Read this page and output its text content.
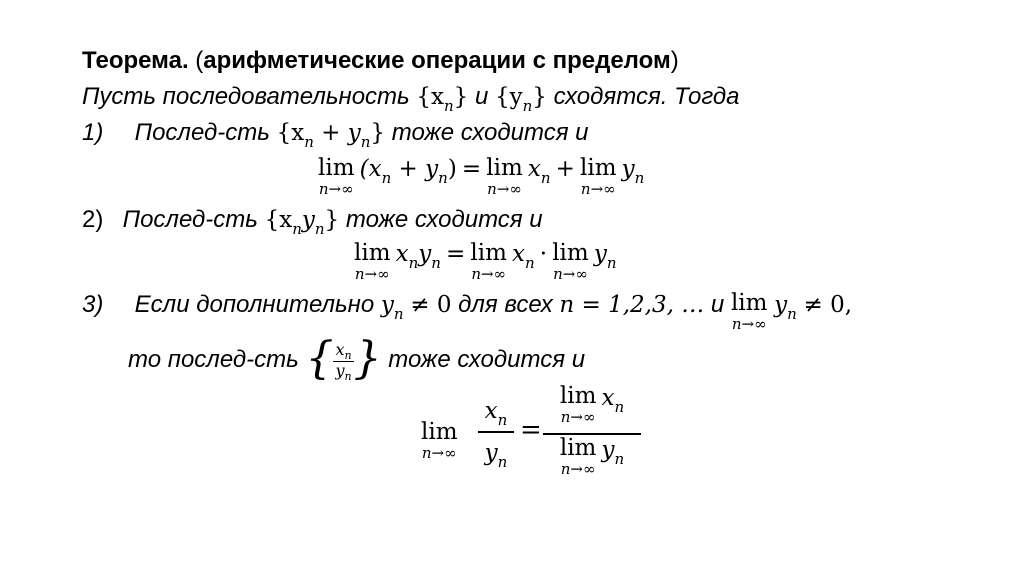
Теорема. (арифметические операции с пределом)
Пусть последовательность $\{x_n\}$ и $\{y_n\}$ сходятся. Тогда
1) Послед-сть $\{x_n + y_n\}$ тоже сходится и
lim
n→∞
$(x_n + y_n) = \lim$
n→∞
$x_n + \lim$
n→∞
$y_n$
2) Послед-сть $\{x_ny_n\}$ тоже сходится и
lim
n→∞
$x_ny_n = \lim$
n→∞
$x_n \cdot \lim$
n→∞
$y_n$
3) Если дополнительно $y_n \ne 0$ для всех n = 1,2,3, … и lim
n→∞
$y_n \ne 0$,
то послед-сть { $\frac{x_n}{y_n}$ } тоже сходится и
lim
n→∞
$x_n$
$y_n$
=
lim
n→∞
$x_n$
lim
n→∞
$y_n$
